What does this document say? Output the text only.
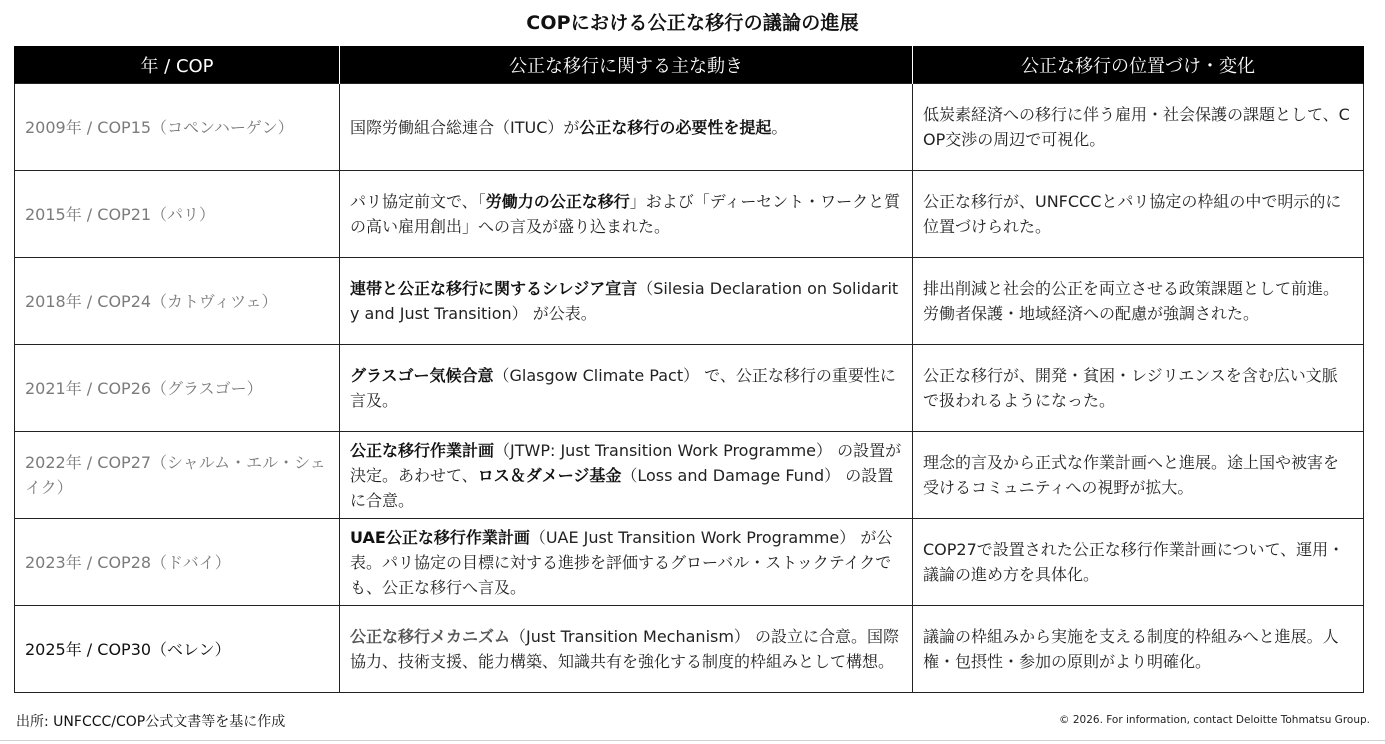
COPにおける公正な移行の議論の進展
年 / COP	公正な移行に関する主な動き	公正な移行の位置づけ・変化
2009年 / COP15（コペンハーゲン）	国際労働組合総連合（ITUC）が公正な移行の必要性を提起。	低炭素経済への移行に伴う雇用・社会保護の課題として、COP交渉の周辺で可視化。
2015年 / COP21（パリ）	パリ協定前文で、「労働力の公正な移行」および「ディーセント・ワークと質の高い雇用創出」への言及が盛り込まれた。	公正な移行が、UNFCCCとパリ協定の枠組の中で明示的に位置づけられた。
2018年 / COP24（カトヴィツェ）	連帯と公正な移行に関するシレジア宣言（Silesia Declaration on Solidarity and Just Transition） が公表。	排出削減と社会的公正を両立させる政策課題として前進。労働者保護・地域経済への配慮が強調された。
2021年 / COP26（グラスゴー）	グラスゴー気候合意（Glasgow Climate Pact） で、公正な移行の重要性に言及。	公正な移行が、開発・貧困・レジリエンスを含む広い文脈で扱われるようになった。
2022年 / COP27（シャルム・エル・シェイク）	公正な移行作業計画（JTWP: Just Transition Work Programme） の設置が決定。あわせて、ロス＆ダメージ基金（Loss and Damage Fund） の設置に合意。	理念的言及から正式な作業計画へと進展。途上国や被害を受けるコミュニティへの視野が拡大。
2023年 / COP28（ドバイ）	UAE公正な移行作業計画（UAE Just Transition Work Programme） が公表。パリ協定の目標に対する進捗を評価するグローバル・ストックテイクでも、公正な移行へ言及。	COP27で設置された公正な移行作業計画について、運用・議論の進め方を具体化。
2025年 / COP30（ベレン）	公正な移行メカニズム（Just Transition Mechanism） の設立に合意。国際協力、技術支援、能力構築、知識共有を強化する制度的枠組みとして構想。	議論の枠組みから実施を支える制度的枠組みへと進展。人権・包摂性・参加の原則がより明確化。
出所: UNFCCC/COP公式文書等を基に作成	© 2026. For information, contact Deloitte Tohmatsu Group.
